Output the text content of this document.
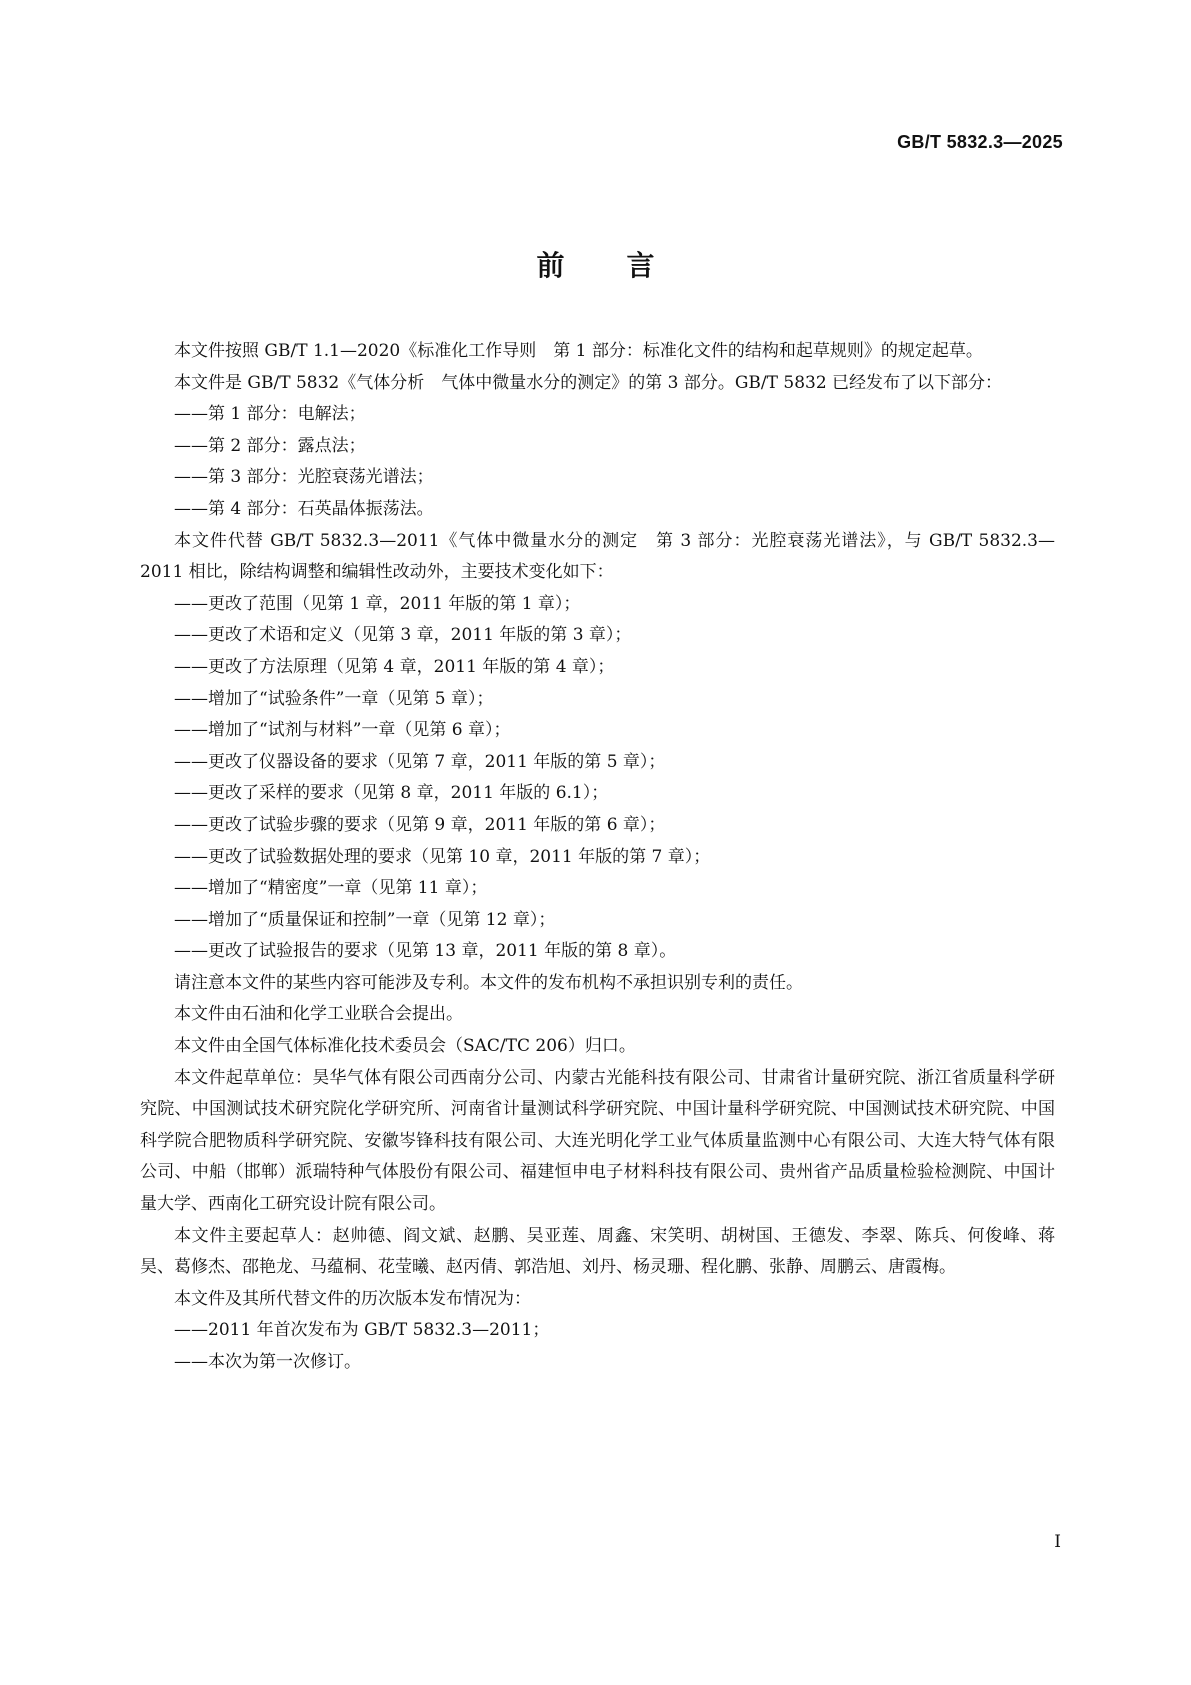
GB/T 5832.3—2025
前言

本文件按照 GB/T 1.1—2020《标准化工作导则　第 1 部分：标准化文件的结构和起草规则》的规定起草。

本文件是 GB/T 5832《气体分析　气体中微量水分的测定》的第 3 部分。GB/T 5832 已经发布了以下部分：

——第 1 部分：电解法；

——第 2 部分：露点法；

——第 3 部分：光腔衰荡光谱法；

——第 4 部分：石英晶体振荡法。

本文件代替 GB/T 5832.3—2011《气体中微量水分的测定　第 3 部分：光腔衰荡光谱法》，与 GB/T 5832.3—2011 相比，除结构调整和编辑性改动外，主要技术变化如下：

——更改了范围（见第 1 章，2011 年版的第 1 章）；

——更改了术语和定义（见第 3 章，2011 年版的第 3 章）；

——更改了方法原理（见第 4 章，2011 年版的第 4 章）；

——增加了“试验条件”一章（见第 5 章）；

——增加了“试剂与材料”一章（见第 6 章）；

——更改了仪器设备的要求（见第 7 章，2011 年版的第 5 章）；

——更改了采样的要求（见第 8 章，2011 年版的 6.1）；

——更改了试验步骤的要求（见第 9 章，2011 年版的第 6 章）；

——更改了试验数据处理的要求（见第 10 章，2011 年版的第 7 章）；

——增加了“精密度”一章（见第 11 章）；

——增加了“质量保证和控制”一章（见第 12 章）；

——更改了试验报告的要求（见第 13 章，2011 年版的第 8 章）。

请注意本文件的某些内容可能涉及专利。本文件的发布机构不承担识别专利的责任。

本文件由石油和化学工业联合会提出。

本文件由全国气体标准化技术委员会（SAC/TC 206）归口。

本文件起草单位：昊华气体有限公司西南分公司、内蒙古光能科技有限公司、甘肃省计量研究院、浙江省质量科学研究院、中国测试技术研究院化学研究所、河南省计量测试科学研究院、中国计量科学研究院、中国测试技术研究院、中国科学院合肥物质科学研究院、安徽岑锋科技有限公司、大连光明化学工业气体质量监测中心有限公司、大连大特气体有限公司、中船（邯郸）派瑞特种气体股份有限公司、福建恒申电子材料科技有限公司、贵州省产品质量检验检测院、中国计量大学、西南化工研究设计院有限公司。

本文件主要起草人：赵帅德、阎文斌、赵鹏、吴亚莲、周鑫、宋笑明、胡树国、王德发、李翠、陈兵、何俊峰、蒋昊、葛修杰、邵艳龙、马蕴桐、花莹曦、赵丙倩、郭浩旭、刘丹、杨灵珊、程化鹏、张静、周鹏云、唐霞梅。

本文件及其所代替文件的历次版本发布情况为：

——2011 年首次发布为 GB/T 5832.3—2011；

——本次为第一次修订。

I
